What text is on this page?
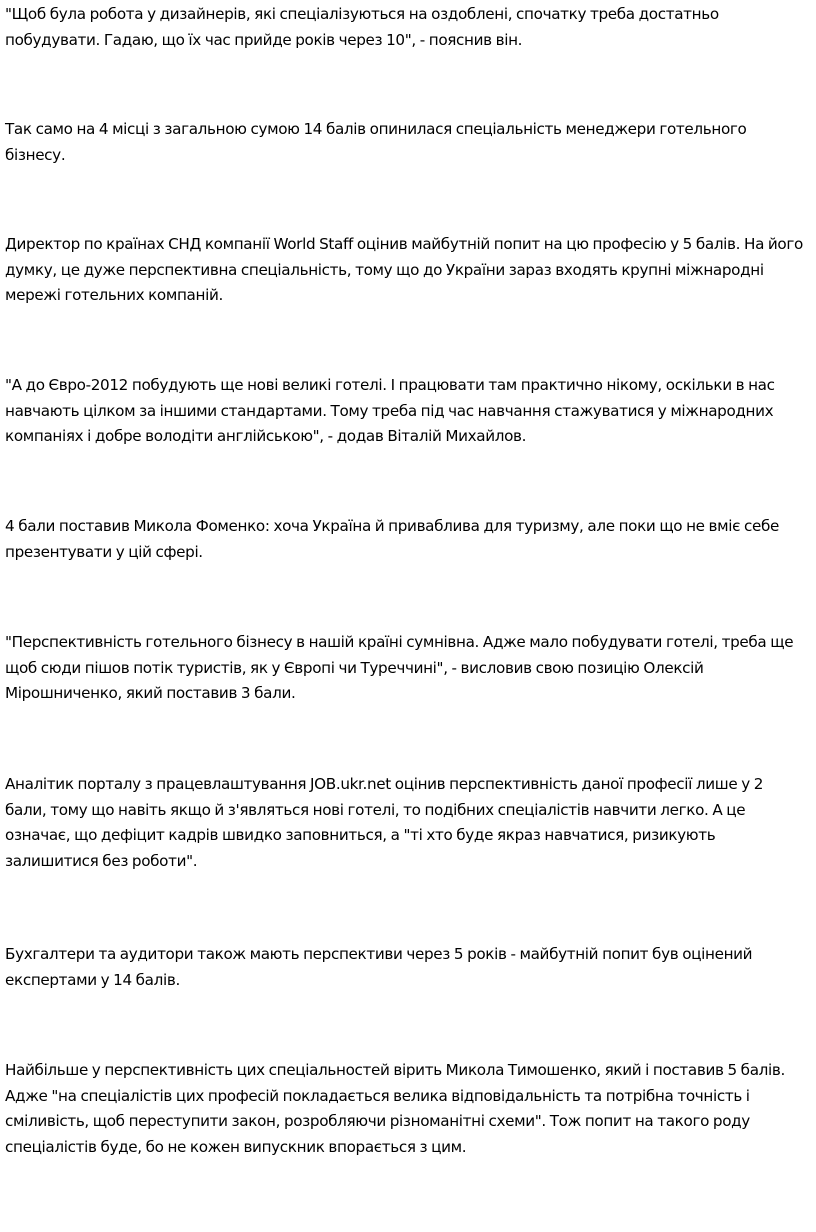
"Щоб була робота у дизайнерів, які спеціалізуються на оздоблені, спочатку треба достатньо побудувати. Гадаю, що їх час прийде років через 10", - пояснив він.

Так само на 4 місці з загальною сумою 14 балів опинилася спеціальність менеджери готельного бізнесу.

Директор по країнах СНД компанії World Staff оцінив майбутній попит на цю професію у 5 балів. На його думку, це дуже перспективна спеціальність, тому що до України зараз входять крупні міжнародні мережі готельних компаній.

"А до Євро-2012 побудують ще нові великі готелі. І працювати там практично нікому, оскільки в нас навчають цілком за іншими стандартами. Тому треба під час навчання стажуватися у міжнародних компаніях і добре володіти англійською", - додав Віталій Михайлов.

4 бали поставив Микола Фоменко: хоча Україна й приваблива для туризму, але поки що не вміє себе презентувати у цій сфері.

"Перспективність готельного бізнесу в нашій країні сумнівна. Адже мало побудувати готелі, треба ще щоб сюди пішов потік туристів, як у Європі чи Туреччині", - висловив свою позицію Олексій Мірошниченко, який поставив 3 бали.

Аналітик порталу з працевлаштування JOB.ukr.net оцінив перспективність даної професії лише у 2 бали, тому що навіть якщо й з'являться нові готелі, то подібних спеціалістів навчити легко. А це означає, що дефіцит кадрів швидко заповниться, а "ті хто буде якраз навчатися, ризикують залишитися без роботи".

Бухгалтери та аудитори також мають перспективи через 5 років - майбутній попит був оцінений експертами у 14 балів.

Найбільше у перспективність цих спеціальностей вірить Микола Тимошенко, який і поставив 5 балів. Адже "на спеціалістів цих професій покладається велика відповідальність та потрібна точність і сміливість, щоб переступити закон, розробляючи різноманітні схеми". Тож попит на такого роду спеціалістів буде, бо не кожен випускник впорається з цим.
